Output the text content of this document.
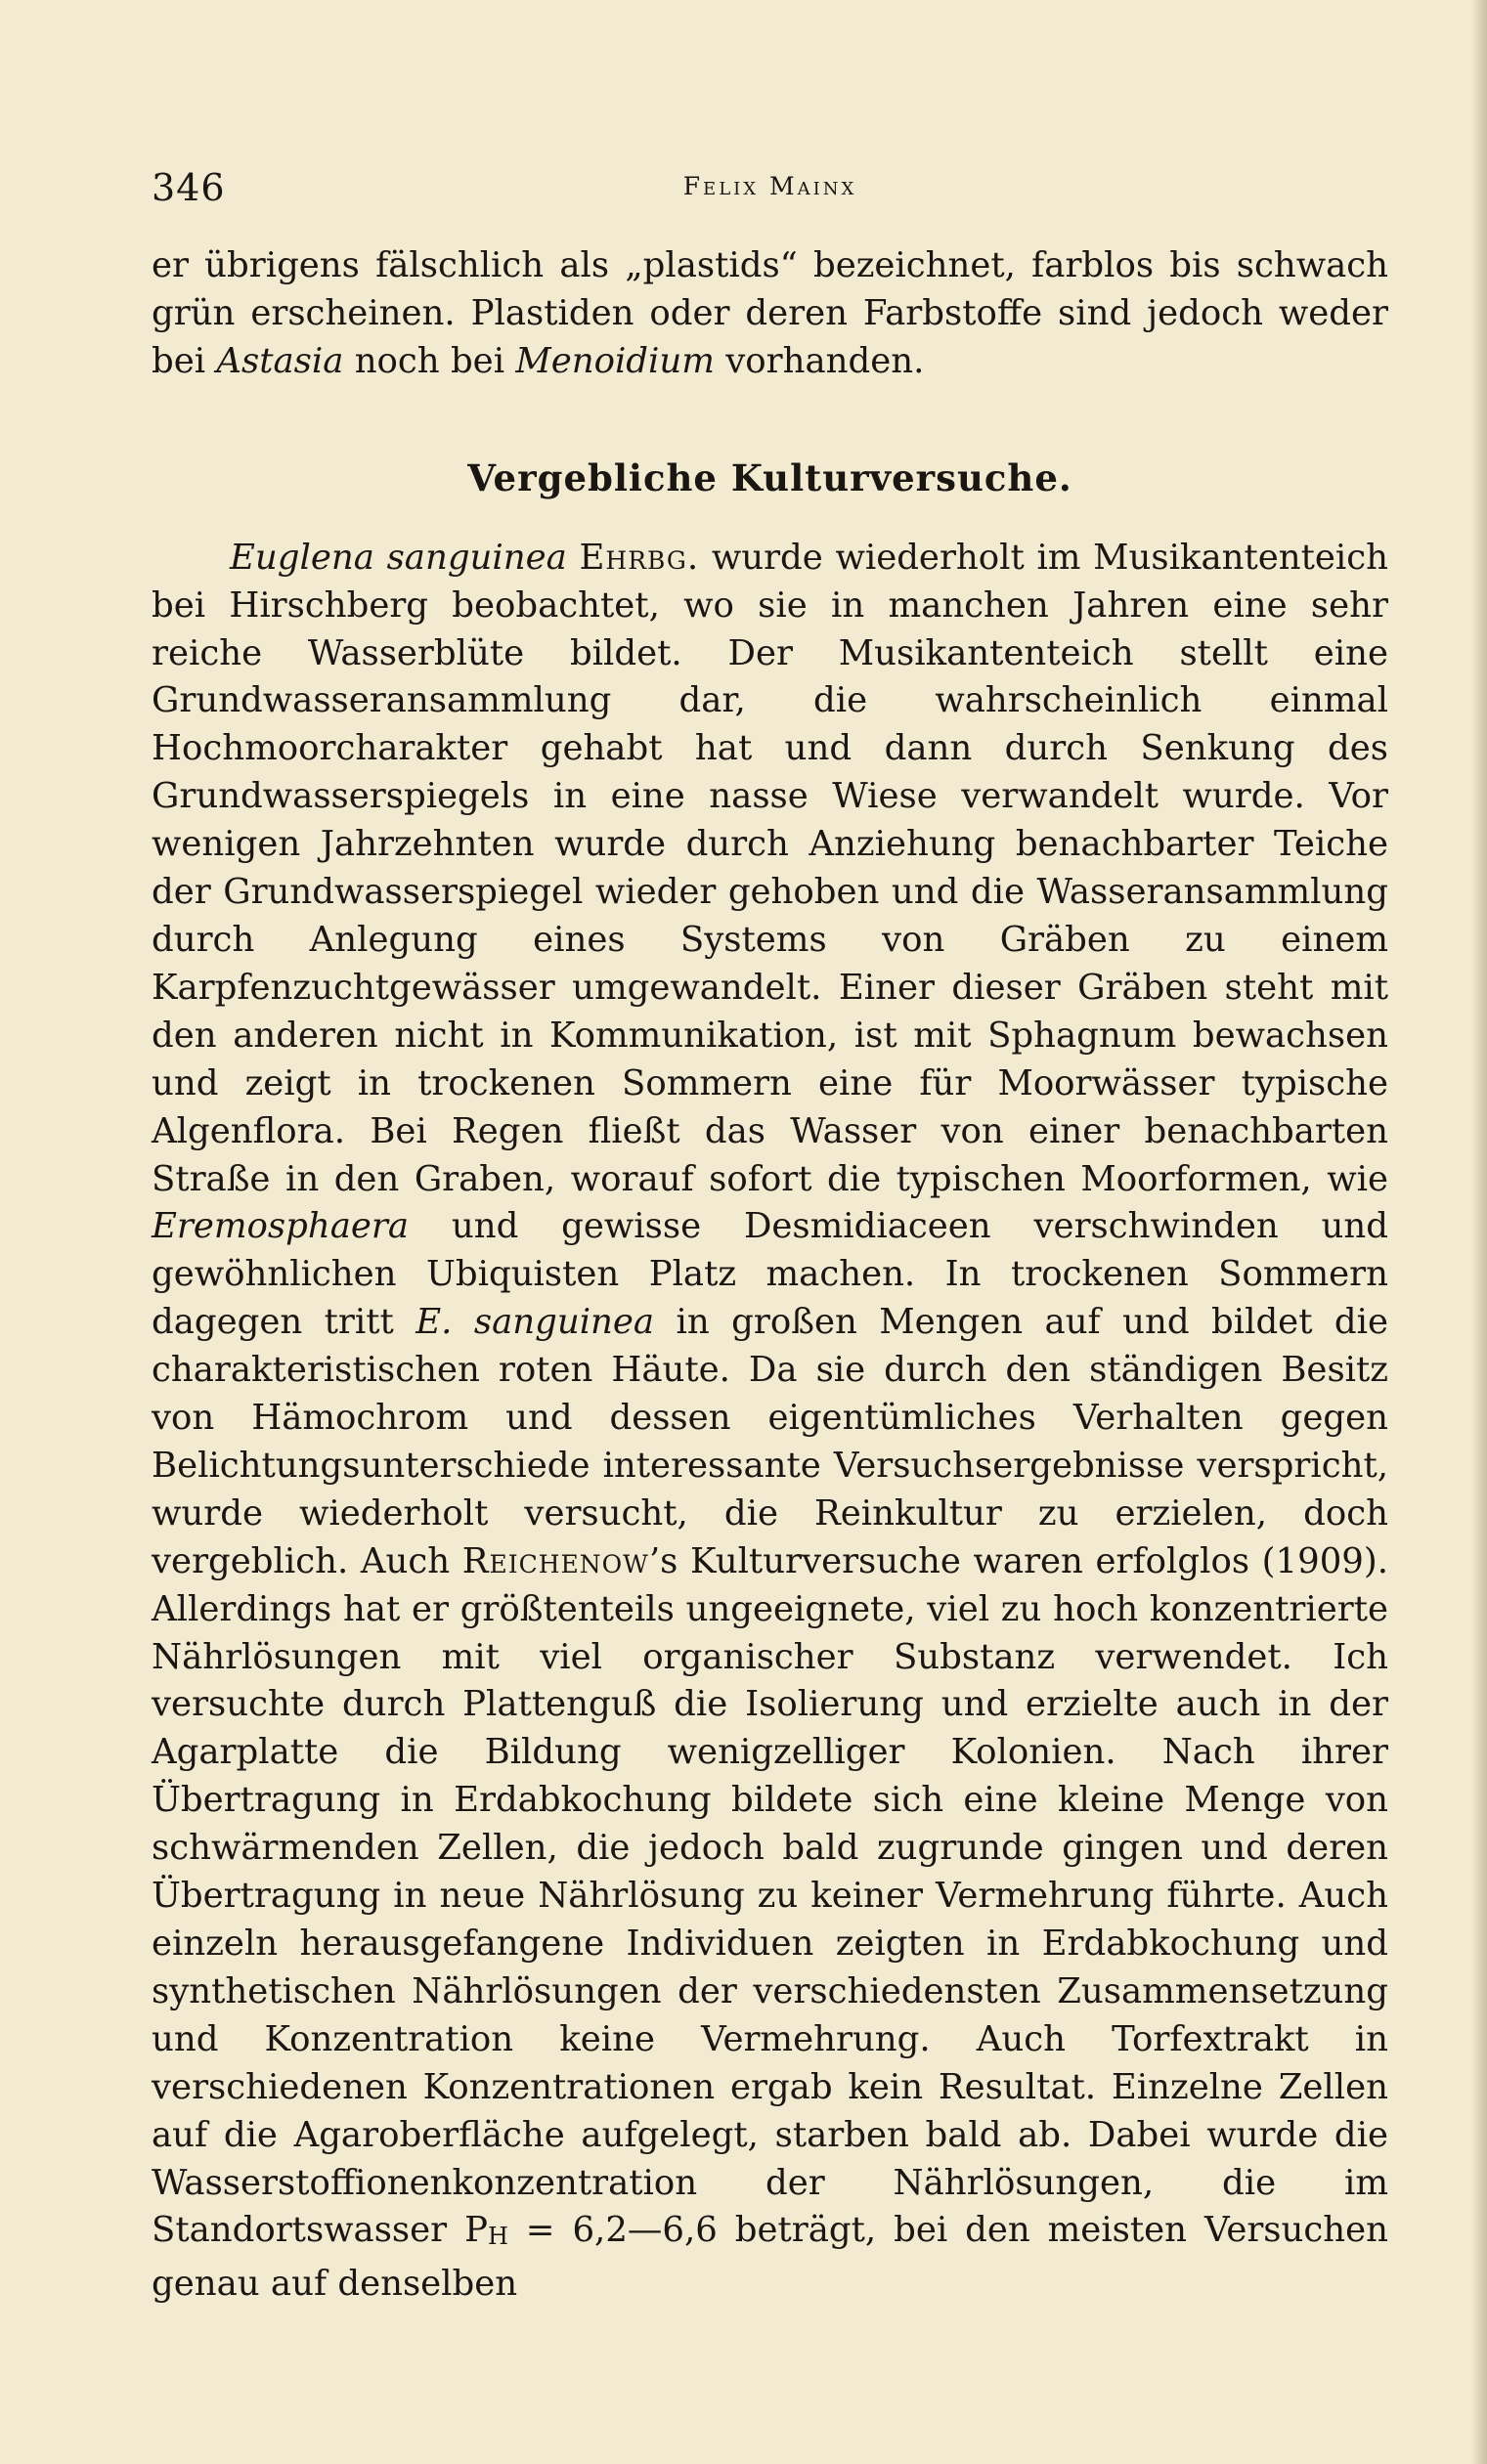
346	Felix Mainx

er übrigens fälschlich als „plastids“ bezeichnet, farblos bis schwach grün erscheinen. Plastiden oder deren Farbstoffe sind jedoch weder bei Astasia noch bei Menoidium vorhanden.

Vergebliche Kulturversuche.

Euglena sanguinea Ehrbg. wurde wiederholt im Musikantenteich bei Hirschberg beobachtet, wo sie in manchen Jahren eine sehr reiche Wasserblüte bildet. Der Musikantenteich stellt eine Grundwasseransammlung dar, die wahrscheinlich einmal Hochmoorcharakter gehabt hat und dann durch Senkung des Grundwasserspiegels in eine nasse Wiese verwandelt wurde. Vor wenigen Jahrzehnten wurde durch Anziehung benachbarter Teiche der Grundwasserspiegel wieder gehoben und die Wasseransammlung durch Anlegung eines Systems von Gräben zu einem Karpfenzuchtgewässer umgewandelt. Einer dieser Gräben steht mit den anderen nicht in Kommunikation, ist mit Sphagnum bewachsen und zeigt in trockenen Sommern eine für Moorwässer typische Algenflora. Bei Regen fließt das Wasser von einer benachbarten Straße in den Graben, worauf sofort die typischen Moorformen, wie Eremosphaera und gewisse Desmidiaceen verschwinden und gewöhnlichen Ubiquisten Platz machen. In trockenen Sommern dagegen tritt E. sanguinea in großen Mengen auf und bildet die charakteristischen roten Häute. Da sie durch den ständigen Besitz von Hämochrom und dessen eigentümliches Verhalten gegen Belichtungsunterschiede interessante Versuchsergebnisse verspricht, wurde wiederholt versucht, die Reinkultur zu erzielen, doch vergeblich. Auch Reichenow’s Kulturversuche waren erfolglos (1909). Allerdings hat er größtenteils ungeeignete, viel zu hoch konzentrierte Nährlösungen mit viel organischer Substanz verwendet. Ich versuchte durch Plattenguß die Isolierung und erzielte auch in der Agarplatte die Bildung wenigzelliger Kolonien. Nach ihrer Übertragung in Erdabkochung bildete sich eine kleine Menge von schwärmenden Zellen, die jedoch bald zugrunde gingen und deren Übertragung in neue Nährlösung zu keiner Vermehrung führte. Auch einzeln herausgefangene Individuen zeigten in Erdabkochung und synthetischen Nährlösungen der verschiedensten Zusammensetzung und Konzentration keine Vermehrung. Auch Torfextrakt in verschiedenen Konzentrationen ergab kein Resultat. Einzelne Zellen auf die Agaroberfläche aufgelegt, starben bald ab. Dabei wurde die Wasserstoffionenkonzentration der Nährlösungen, die im Standortswasser $P_H$ = 6,2—6,6 beträgt, bei den meisten Versuchen genau auf denselben
